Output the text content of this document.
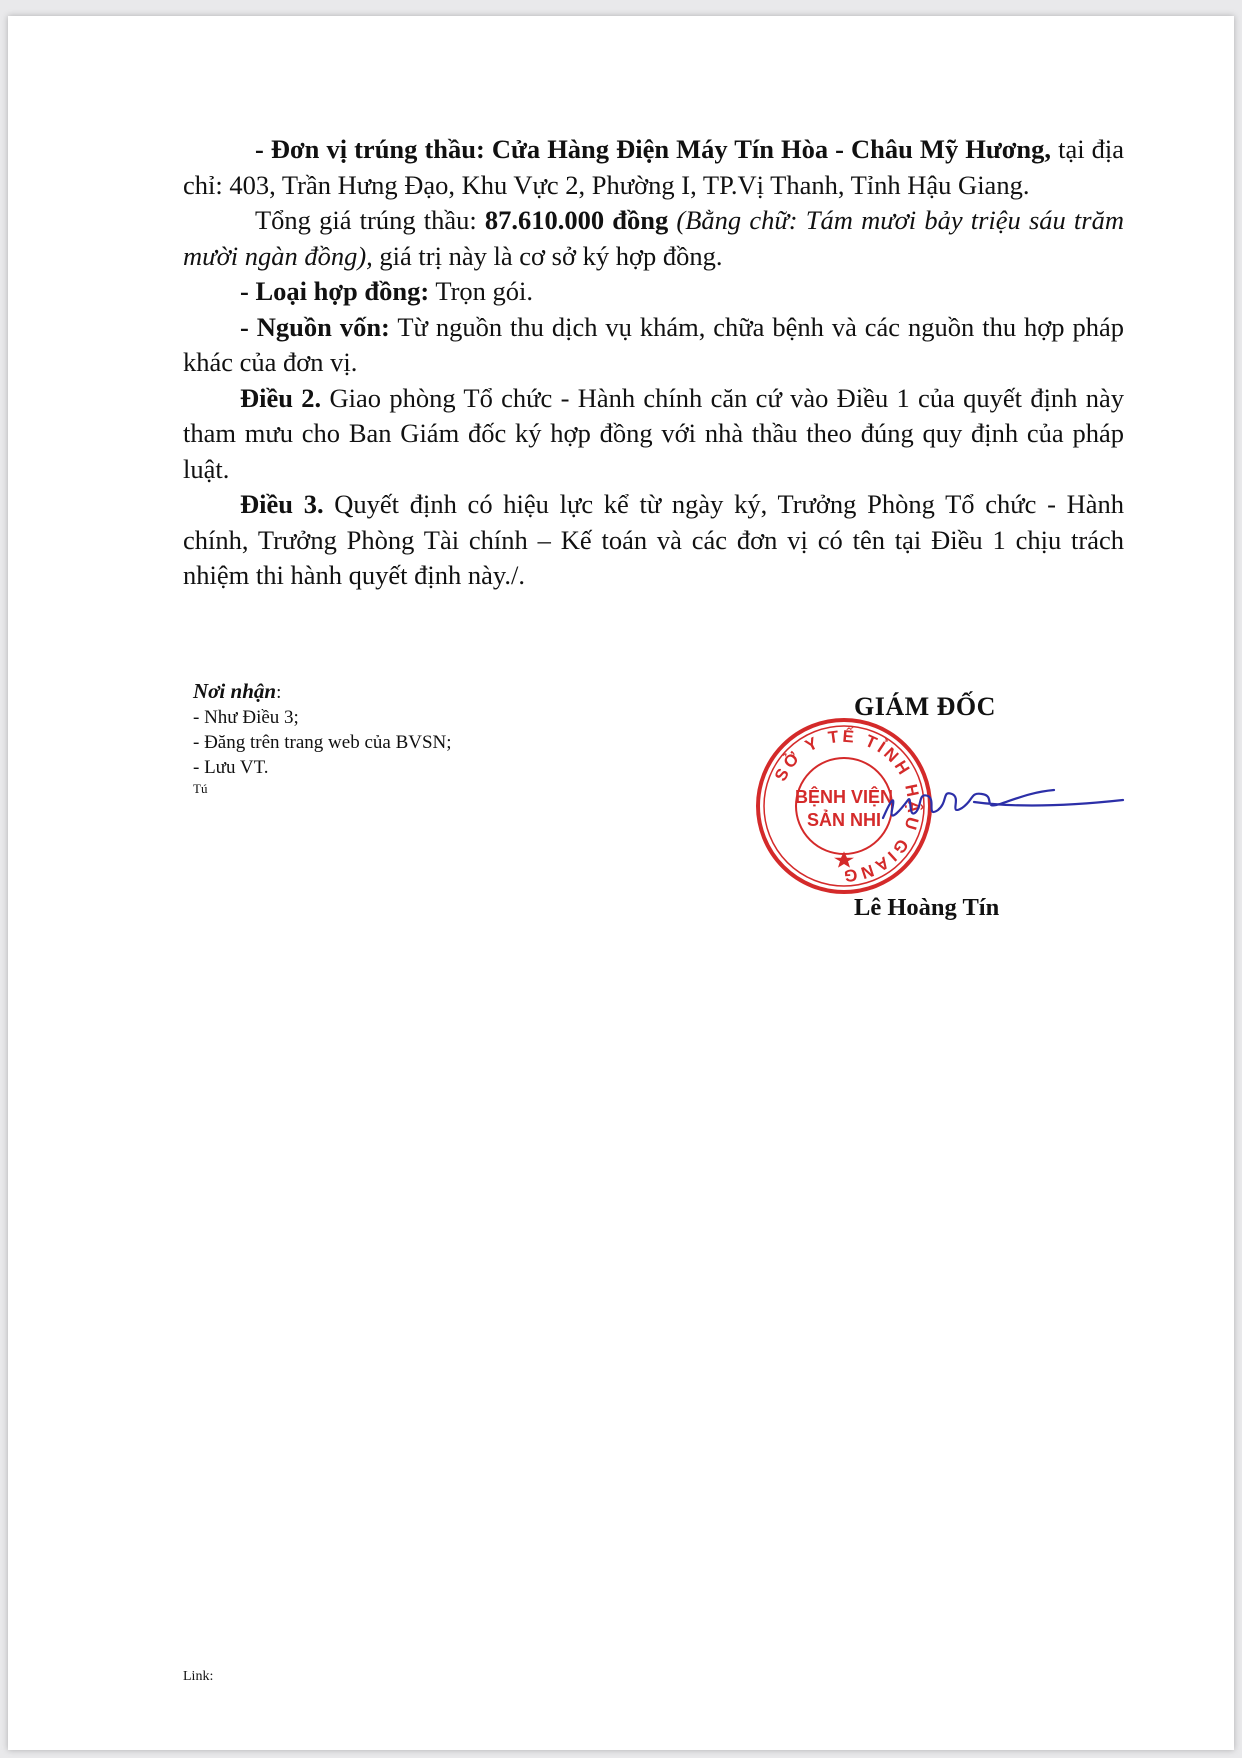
- Đơn vị trúng thầu: Cửa Hàng Điện Máy Tín Hòa - Châu Mỹ Hương, tại địa chỉ: 403, Trần Hưng Đạo, Khu Vực 2, Phường I, TP.Vị Thanh, Tỉnh Hậu Giang.

Tổng giá trúng thầu: 87.610.000 đồng (Bằng chữ: Tám mươi bảy triệu sáu trăm mười ngàn đồng), giá trị này là cơ sở ký hợp đồng.

- Loại hợp đồng: Trọn gói.

- Nguồn vốn: Từ nguồn thu dịch vụ khám, chữa bệnh và các nguồn thu hợp pháp khác của đơn vị.

Điều 2. Giao phòng Tổ chức - Hành chính căn cứ vào Điều 1 của quyết định này tham mưu cho Ban Giám đốc ký hợp đồng với nhà thầu theo đúng quy định của pháp luật.

Điều 3. Quyết định có hiệu lực kể từ ngày ký, Trưởng Phòng Tổ chức - Hành chính, Trưởng Phòng Tài chính – Kế toán và các đơn vị có tên tại Điều 1 chịu trách nhiệm thi hành quyết định này./.

Nơi nhận:
- Như Điều 3;
- Đăng trên trang web của BVSN;
- Lưu VT.
Tú
GIÁM ĐỐC
SỞ Y TẾ TỈNH HẬU GIANG
BỆNH VIỆN
SẢN NHI
Lê Hoàng Tín
Link:
